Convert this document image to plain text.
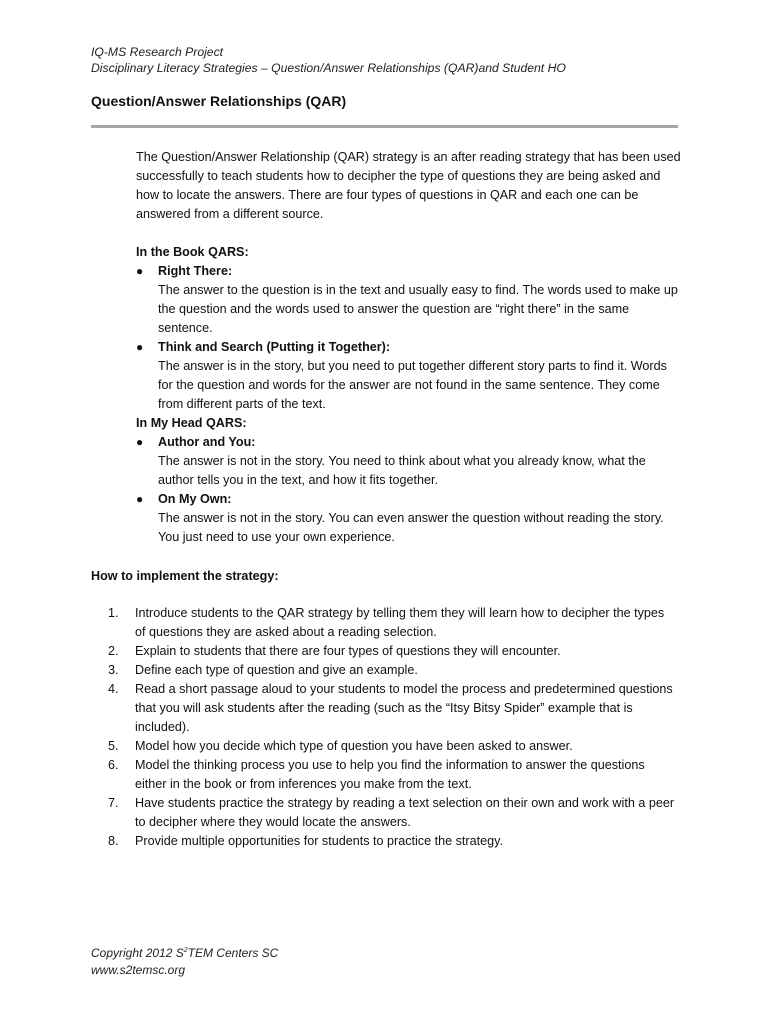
IQ-MS Research Project
Disciplinary Literacy Strategies – Question/Answer Relationships (QAR)and Student HO
Question/Answer Relationships (QAR)

The Question/Answer Relationship (QAR) strategy is an after reading strategy that has been used successfully to teach students how to decipher the type of questions they are being asked and how to locate the answers. There are four types of questions in QAR and each one can be answered from a different source.

In the Book QARS:

● Right There:
The answer to the question is in the text and usually easy to find. The words used to make up the question and the words used to answer the question are “right there” in the same sentence.
● Think and Search (Putting it Together):
The answer is in the story, but you need to put together different story parts to find it. Words for the question and words for the answer are not found in the same sentence. They come from different parts of the text.

In My Head QARS:

● Author and You:
The answer is not in the story. You need to think about what you already know, what the author tells you in the text, and how it fits together.
● On My Own:
The answer is not in the story. You can even answer the question without reading the story. You just need to use your own experience.
How to implement the strategy:
1. Introduce students to the QAR strategy by telling them they will learn how to decipher the types of questions they are asked about a reading selection.
2. Explain to students that there are four types of questions they will encounter.
3. Define each type of question and give an example.
4. Read a short passage aloud to your students to model the process and predetermined questions that you will ask students after the reading (such as the “Itsy Bitsy Spider” example that is included).
5. Model how you decide which type of question you have been asked to answer.
6. Model the thinking process you use to help you find the information to answer the questions either in the book or from inferences you make from the text.
7. Have students practice the strategy by reading a text selection on their own and work with a peer to decipher where they would locate the answers.
8. Provide multiple opportunities for students to practice the strategy.
Copyright 2012 $S^2TEM$ Centers SC
www.s2temsc.org
